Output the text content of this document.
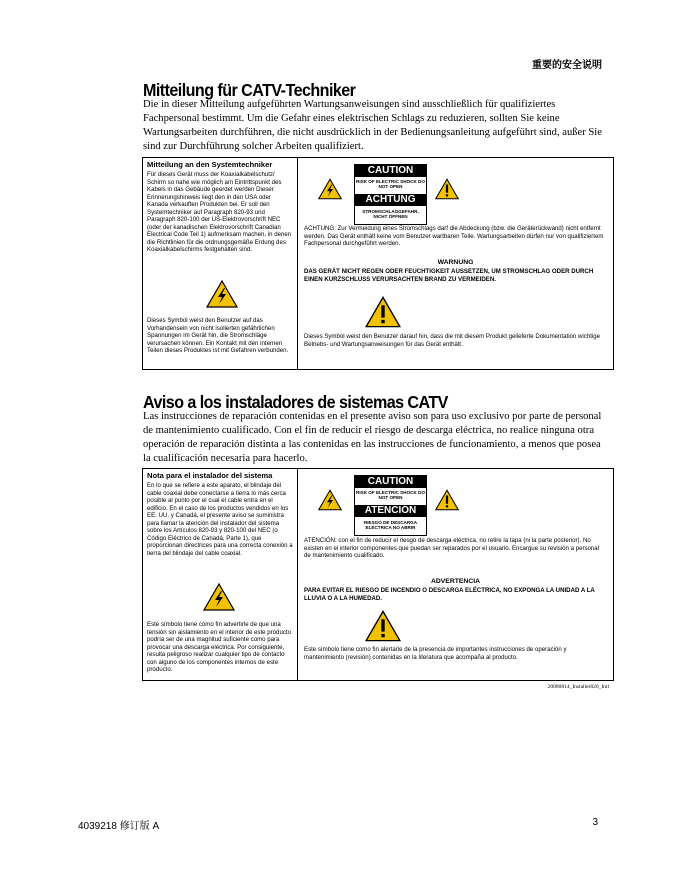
重要的安全说明
Mitteilung für CATV-Techniker
Die in dieser Mitteilung aufgeführten Wartungsanweisungen sind ausschließlich für qualifiziertes Fachpersonal bestimmt. Um die Gefahr eines elektrischen Schlags zu reduzieren, sollten Sie keine Wartungsarbeiten durchführen, die nicht ausdrücklich in der Bedienungsanleitung aufgeführt sind, außer Sie sind zur Durchführung solcher Arbeiten qualifiziert.
Mitteilung an den Systemtechniker
Für dieses Gerät muss der Koaxialkabelschutz/ Schirm so nahe wie möglich am Eintrittspunkt des Kabels in das Gebäude geerdet werden Dieser Erinnerungshinweis liegt den in den USA oder Kanada verkauften Produkten bei. Er soll den Systemtechniker auf Paragraph 820-93 und Paragraph 820-100 der US-Elektrovorschrift NEC (oder der kanadischen Elektrovorschrift Canadian Electrical Code Teil 1) aufmerksam machen, in denen die Richtlinien für die ordnungsgemäße Erdung des Koaxialkabelschirms festgehalten sind.
Dieses Symbol weist den Benutzer auf das Vorhandensein von nicht isolierten gefährlichen Spannungen im Gerät hin, die Stromschläge verursachen können. Ein Kontakt mit den internen Teilen dieses Produktes ist mit Gefahren verbunden.
CAUTION
RISK OF ELECTRIC SHOCK DO NOT OPEN
ACHTUNG
STROMSCHLAGGEFAHR, NICHT ÖFFNEN
ACHTUNG: Zur Vermeidung eines Stromschlags darf die Abdeckung (bzw. die Geräterückwand) nicht entfernt werden. Das Gerät enthält keine vom Benutzer wartbaren Teile. Wartungsarbeiten dürfen nur von qualifiziertem Fachpersonal durchgeführt werden.
WARNUNG
DAS GERÄT NICHT REGEN ODER FEUCHTIGKEIT AUSSETZEN, UM STROMSCHLAG ODER DURCH EINEN KURZSCHLUSS VERURSACHTEN BRAND ZU VERMEIDEN.
Dieses Symbol weist den Benutzer darauf hin, dass die mit diesem Produkt gelieferte Dokumentation wichtige Betriebs- und Wartungsanweisungen für das Gerät enthält.
Aviso a los instaladores de sistemas CATV
Las instrucciones de reparación contenidas en el presente aviso son para uso exclusivo por parte de personal de mantenimiento cualificado. Con el fin de reducir el riesgo de descarga eléctrica, no realice ninguna otra operación de reparación distinta a las contenidas en las instrucciones de funcionamiento, a menos que posea la cualificación necesaria para hacerlo.
Nota para el instalador del sistema
En lo que se refiere a este aparato, el blindaje del cable coaxial debe conectarse a tierra lo más cerca posible al punto por el cual el cable entra en el edificio. En el caso de los productos vendidos en los EE. UU. y Canadá, el presente aviso se suministra para llamar la atención del instalador del sistema sobre los Artículos 820-93 y 820-100 del NEC (o Código Eléctrico de Canadá, Parte 1), que proporcionan directrices para una correcta conexión a tierra del blindaje del cable coaxial.
Este símbolo tiene como fin advertirle de que una tensión sin aislamiento en el interior de este producto podría ser de una magnitud suficiente como para provocar una descarga eléctrica. Por consiguiente, resulta peligroso realizar cualquier tipo de contacto con alguno de los componentes internos de este producto.
CAUTION
RISK OF ELECTRIC SHOCK DO NOT OPEN
ATENCIÓN
RIESGO DE DESCARGA ELÉCTRICA NO ABRIR
ATENCIÓN: con el fin de reducir el riesgo de descarga eléctrica, no retire la tapa (ni la parte posterior). No existen en el interior componentes que puedan ser reparados por el usuario. Encargue su revisión a personal de mantenimiento cualificado.
ADVERTENCIA
PARA EVITAR EL RIESGO DE INCENDIO O DESCARGA ELÉCTRICA, NO EXPONGA LA UNIDAD A LA LLUVIA O A LA HUMEDAD.
Este símbolo tiene como fin alertarle de la presencia de importantes instrucciones de operación y mantenimiento (revisión) contenidas en la literatura que acompaña al producto.
20080814_Installer820_Intl
4039218 修订版 A	3
